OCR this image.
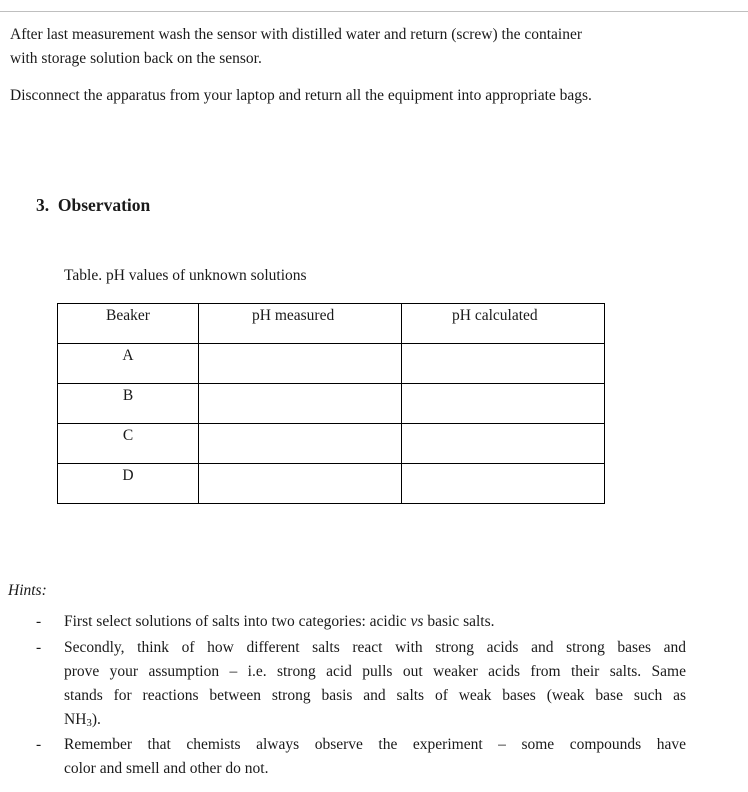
After last measurement wash the sensor with distilled water and return (screw) the container
with storage solution back on the sensor.
Disconnect the apparatus from your laptop and return all the equipment into appropriate bags.
3. Observation
Table. pH values of unknown solutions
Beaker	pH measured	pH calculated

A		

B		

C		

D		

Hints:
- First select solutions of salts into two categories: acidic vs basic salts.
- Secondly, think of how different salts react with strong acids and strong bases and
prove your assumption – i.e. strong acid pulls out weaker acids from their salts. Same
stands for reactions between strong basis and salts of weak bases (weak base such as
$NH_3$).
- Remember that chemists always observe the experiment – some compounds have
color and smell and other do not.
